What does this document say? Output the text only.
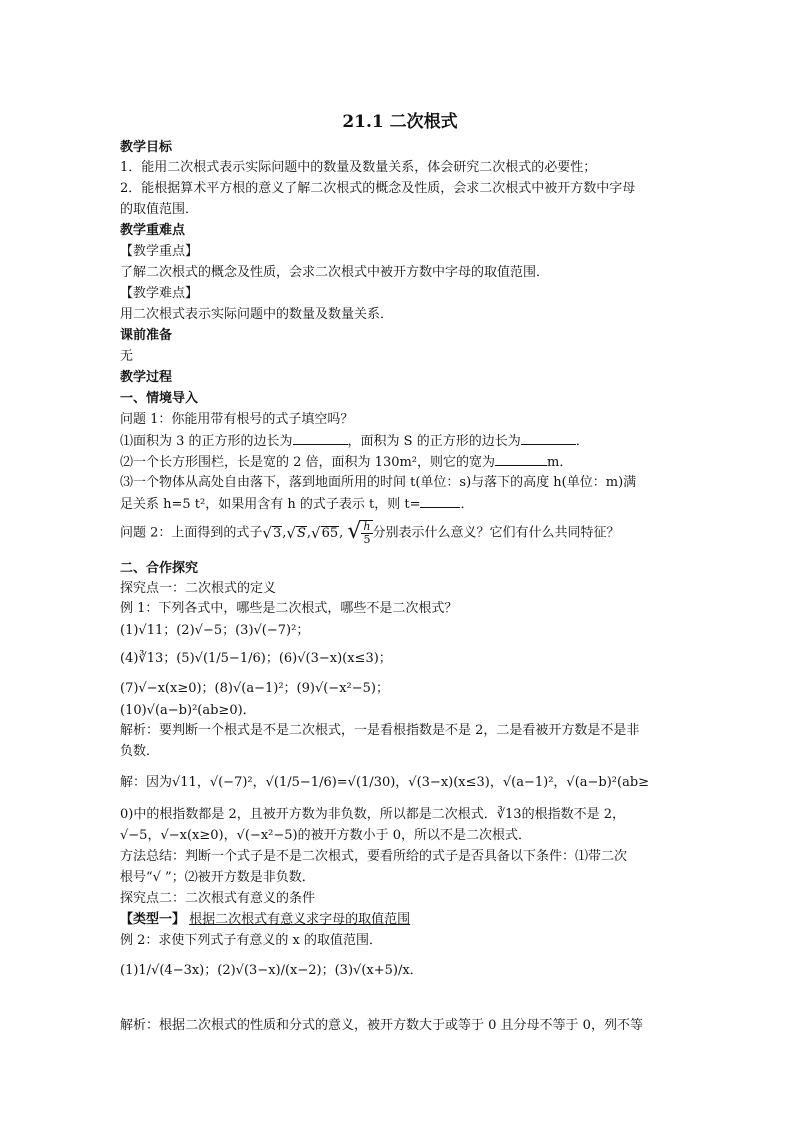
21.1 二次根式
教学目标
1．能用二次根式表示实际问题中的数量及数量关系，体会研究二次根式的必要性；
2．能根据算术平方根的意义了解二次根式的概念及性质，会求二次根式中被开方数中字母
的取值范围．
教学重难点
【教学重点】
了解二次根式的概念及性质，会求二次根式中被开方数中字母的取值范围．
【教学难点】
用二次根式表示实际问题中的数量及数量关系．
课前准备
无
教学过程
一、情境导入
问题 1：你能用带有根号的式子填空吗？
⑴面积为 3 的正方形的边长为	，面积为 S 的正方形的边长为	．
⑵一个长方形围栏，长是宽的 2 倍，面积为 130m²，则它的宽为	m．
⑶一个物体从高处自由落下，落到地面所用的时间 t(单位：s)与落下的高度 h(单位：m)满
足关系 h=5 t²，如果用含有 h 的式子表示 t，则 t=	．
问题 2：上面得到的式子√3,√S,√65, √ $\frac{h}{5}$ 分别表示什么意义？它们有什么共同特征？
二、合作探究
探究点一：二次根式的定义
例 1：下列各式中，哪些是二次根式，哪些不是二次根式？
(1)√11；(2)√−5；(3)√(−7)²；
(4)∛13；(5)√(1/5−1/6)；(6)√(3−x)(x≤3)；
(7)√−x(x≥0)；(8)√(a−1)²；(9)√(−x²−5)；
(10)√(a−b)²(ab≥0)．
解析：要判断一个根式是不是二次根式，一是看根指数是不是 2，二是看被开方数是不是非
负数．
解：因为√11，√(−7)²，√(1/5−1/6)=√(1/30)，√(3−x)(x≤3)，√(a−1)²，√(a−b)²(ab≥
0)中的根指数都是 2，且被开方数为非负数，所以都是二次根式．∛13的根指数不是 2，
√−5，√−x(x≥0)，√(−x²−5)的被开方数小于 0，所以不是二次根式．
方法总结：判断一个式子是不是二次根式，要看所给的式子是否具备以下条件：⑴带二次
根号“√ ”；⑵被开方数是非负数．
探究点二：二次根式有意义的条件
【类型一】 根据二次根式有意义求字母的取值范围
例 2：求使下列式子有意义的 x 的取值范围．
(1)1/√(4−3x)；(2)√(3−x)/(x−2)；(3)√(x+5)/x．
解析：根据二次根式的性质和分式的意义，被开方数大于或等于 0 且分母不等于 0，列不等
